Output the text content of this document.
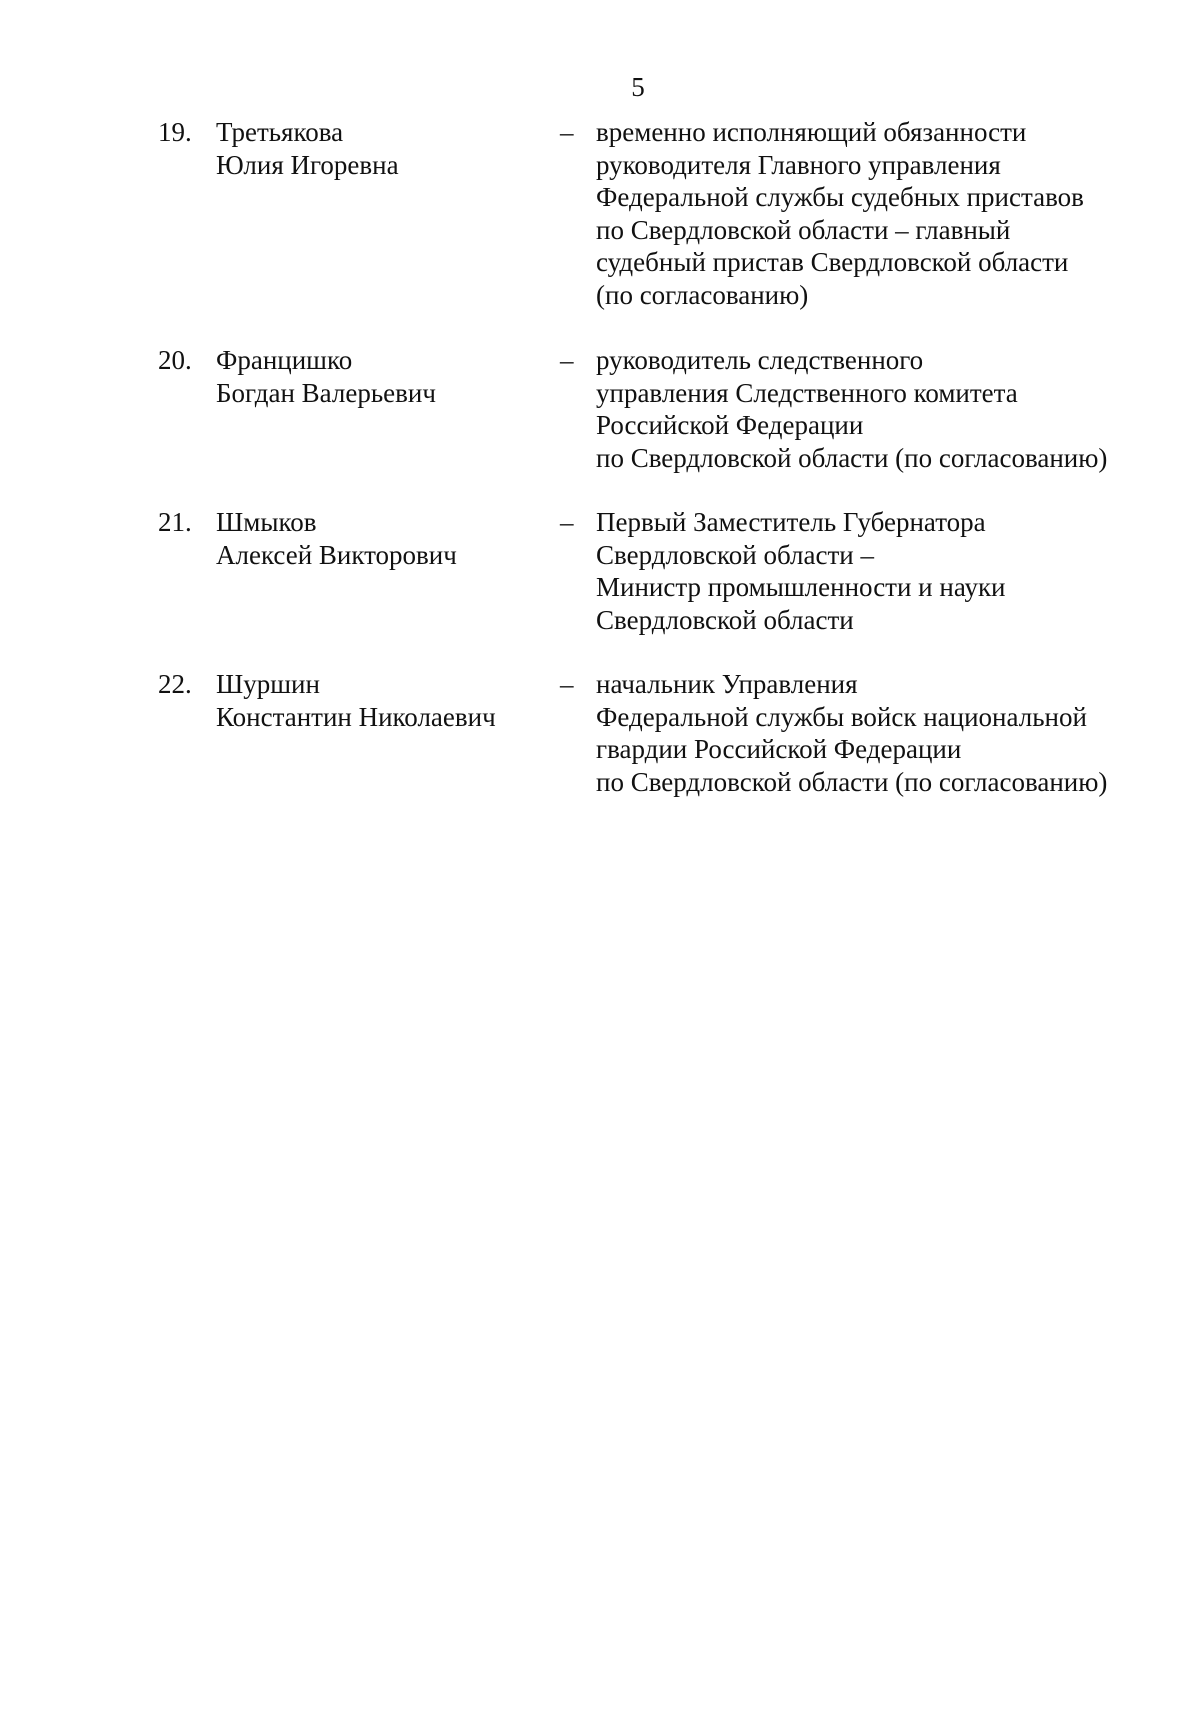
5
19. Третьякова
Юлия Игоревна
– временно исполняющий обязанности
руководителя Главного управления
Федеральной службы судебных приставов
по Свердловской области – главный
судебный пристав Свердловской области
(по согласованию)
20. Францишко
Богдан Валерьевич
– руководитель следственного
управления Следственного комитета
Российской Федерации
по Свердловской области (по согласованию)
21. Шмыков
Алексей Викторович
– Первый Заместитель Губернатора
Свердловской области –
Министр промышленности и науки
Свердловской области
22. Шуршин
Константин Николаевич
– начальник Управления
Федеральной службы войск национальной
гвардии Российской Федерации
по Свердловской области (по согласованию)
